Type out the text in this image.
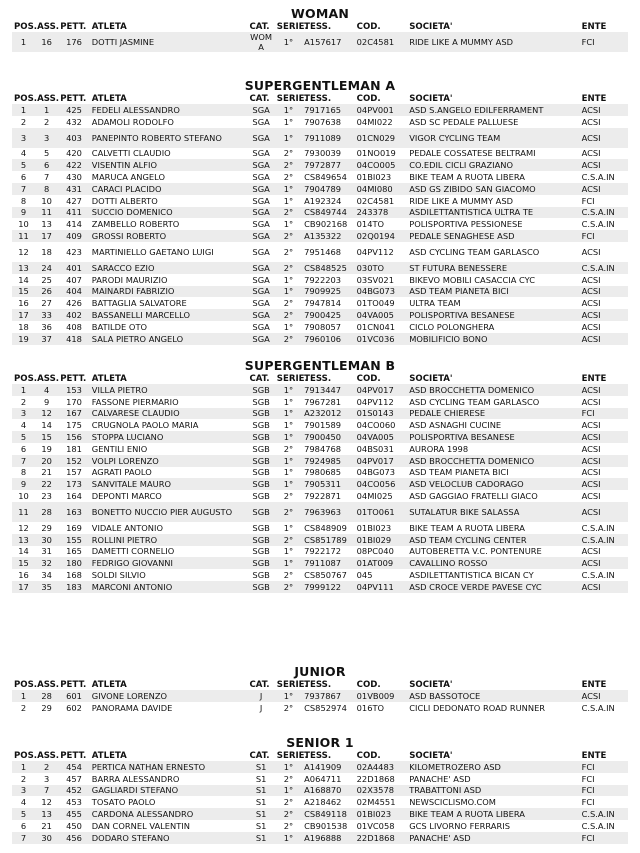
WOMAN
POS.	ASS.	PETT.	ATLETA	CAT.	SERIE.	TESS.	COD.	SOCIETA'	ENTE
1	16	176	DOTTI JASMINE	WOM A	1°	A157617	02C4581	RIDE LIKE A MUMMY ASD	FCI
SUPERGENTLEMAN A
POS.	ASS.	PETT.	ATLETA	CAT.	SERIE.	TESS.	COD.	SOCIETA'	ENTE
1	1	425	FEDELI ALESSANDRO	SGA	1°	7917165	04PV001	ASD S.ANGELO EDILFERRAMENT	ACSI
2	2	432	ADAMOLI RODOLFO	SGA	1°	7907638	04MI022	ASD SC PEDALE PALLUESE	ACSI
3	3	403	PANEPINTO ROBERTO STEFANO	SGA	1°	7911089	01CN029	VIGOR CYCLING TEAM	ACSI
4	5	420	CALVETTI CLAUDIO	SGA	2°	7930039	01NO019	PEDALE COSSATESE BELTRAMI	ACSI
5	6	422	VISENTIN ALFIO	SGA	2°	7972877	04CO005	CO.EDIL CICLI GRAZIANO	ACSI
6	7	430	MARUCA ANGELO	SGA	2°	CS849654	01BI023	BIKE TEAM A RUOTA LIBERA	C.S.A.IN
7	8	431	CARACI PLACIDO	SGA	1°	7904789	04MI080	ASD GS ZIBIDO SAN GIACOMO	ACSI
8	10	427	DOTTI ALBERTO	SGA	1°	A192324	02C4581	RIDE LIKE A MUMMY ASD	FCI
9	11	411	SUCCIO DOMENICO	SGA	2°	CS849744	243378	ASDILETTANTISTICA ULTRA TE	C.S.A.IN
10	13	414	ZAMBELLO ROBERTO	SGA	1°	CB902168	014TO	POLISPORTIVA PESSIONESE	C.S.A.IN
11	17	409	GROSSI ROBERTO	SGA	2°	A135322	02Q0194	PEDALE SENAGHESE ASD	FCI
12	18	423	MARTINIELLO GAETANO LUIGI	SGA	2°	7951468	04PV112	ASD CYCLING TEAM GARLASCO	ACSI
13	24	401	SARACCO EZIO	SGA	2°	CS848525	030TO	ST FUTURA BENESSERE	C.S.A.IN
14	25	407	PARODI MAURIZIO	SGA	1°	7922203	03SV021	BIKEVO MOBILI CASACCIA CYC	ACSI
15	26	404	MAINARDI FABRIZIO	SGA	1°	7909925	04BG073	ASD TEAM PIANETA BICI	ACSI
16	27	426	BATTAGLIA SALVATORE	SGA	2°	7947814	01TO049	ULTRA TEAM	ACSI
17	33	402	BASSANELLI MARCELLO	SGA	2°	7900425	04VA005	POLISPORTIVA BESANESE	ACSI
18	36	408	BATILDE OTO	SGA	1°	7908057	01CN041	CICLO POLONGHERA	ACSI
19	37	418	SALA PIETRO ANGELO	SGA	2°	7960106	01VC036	MOBILIFICIO BONO	ACSI
SUPERGENTLEMAN B
POS.	ASS.	PETT.	ATLETA	CAT.	SERIE.	TESS.	COD.	SOCIETA'	ENTE
1	4	153	VILLA PIETRO	SGB	1°	7913447	04PV017	ASD BROCCHETTA DOMENICO	ACSI
2	9	170	FASSONE PIERMARIO	SGB	1°	7967281	04PV112	ASD CYCLING TEAM GARLASCO	ACSI
3	12	167	CALVARESE CLAUDIO	SGB	1°	A232012	01S0143	PEDALE CHIERESE	FCI
4	14	175	CRUGNOLA PAOLO MARIA	SGB	1°	7901589	04CO060	ASD ASNAGHI CUCINE	ACSI
5	15	156	STOPPA LUCIANO	SGB	1°	7900450	04VA005	POLISPORTIVA BESANESE	ACSI
6	19	181	GENTILI ENIO	SGB	2°	7984768	04BS031	AURORA 1998	ACSI
7	20	152	VOLPI LORENZO	SGB	1°	7924985	04PV017	ASD BROCCHETTA DOMENICO	ACSI
8	21	157	AGRATI PAOLO	SGB	1°	7980685	04BG073	ASD TEAM PIANETA BICI	ACSI
9	22	173	SANVITALE MAURO	SGB	1°	7905311	04CO056	ASD VELOCLUB CADORAGO	ACSI
10	23	164	DEPONTI MARCO	SGB	2°	7922871	04MI025	ASD GAGGIAO FRATELLI GIACO	ACSI
11	28	163	BONETTO NUCCIO PIER AUGUSTO	SGB	2°	7963963	01TO061	SUTALATUR BIKE SALASSA	ACSI
12	29	169	VIDALE ANTONIO	SGB	1°	CS848909	01BI023	BIKE TEAM A RUOTA LIBERA	C.S.A.IN
13	30	155	ROLLINI PIETRO	SGB	2°	CS851789	01BI029	ASD TEAM CYCLING CENTER	C.S.A.IN
14	31	165	DAMETTI CORNELIO	SGB	1°	7922172	08PC040	AUTOBERETTA V.C. PONTENURE	ACSI
15	32	180	FEDRIGO GIOVANNI	SGB	1°	7911087	01AT009	CAVALLINO ROSSO	ACSI
16	34	168	SOLDI SILVIO	SGB	2°	CS850767	045	ASDILETTANTISTICA BICAN CY	C.S.A.IN
17	35	183	MARCONI ANTONIO	SGB	2°	7999122	04PV111	ASD CROCE VERDE PAVESE CYC	ACSI
JUNIOR
POS.	ASS.	PETT.	ATLETA	CAT.	SERIE.	TESS.	COD.	SOCIETA'	ENTE
1	28	601	GIVONE LORENZO	J	1°	7937867	01VB009	ASD BASSOTOCE	ACSI
2	29	602	PANORAMA DAVIDE	J	2°	CS852974	016TO	CICLI DEDONATO ROAD RUNNER	C.S.A.IN
SENIOR 1
POS.	ASS.	PETT.	ATLETA	CAT.	SERIE.	TESS.	COD.	SOCIETA'	ENTE
1	2	454	PERTICA NATHAN ERNESTO	S1	1°	A141909	02A4483	KILOMETROZERO ASD	FCI
2	3	457	BARRA ALESSANDRO	S1	2°	A064711	22D1868	PANACHE' ASD	FCI
3	7	452	GAGLIARDI STEFANO	S1	1°	A168870	02X3578	TRABATTONI ASD	FCI
4	12	453	TOSATO PAOLO	S1	2°	A218462	02M4551	NEWSCICLISMO.COM	FCI
5	13	455	CARDONA ALESSANDRO	S1	2°	CS849118	01BI023	BIKE TEAM A RUOTA LIBERA	C.S.A.IN
6	21	450	DAN CORNEL VALENTIN	S1	2°	CB901538	01VC058	GCS LIVORNO FERRARIS	C.S.A.IN
7	30	456	DODARO STEFANO	S1	1°	A196888	22D1868	PANACHE' ASD	FCI
